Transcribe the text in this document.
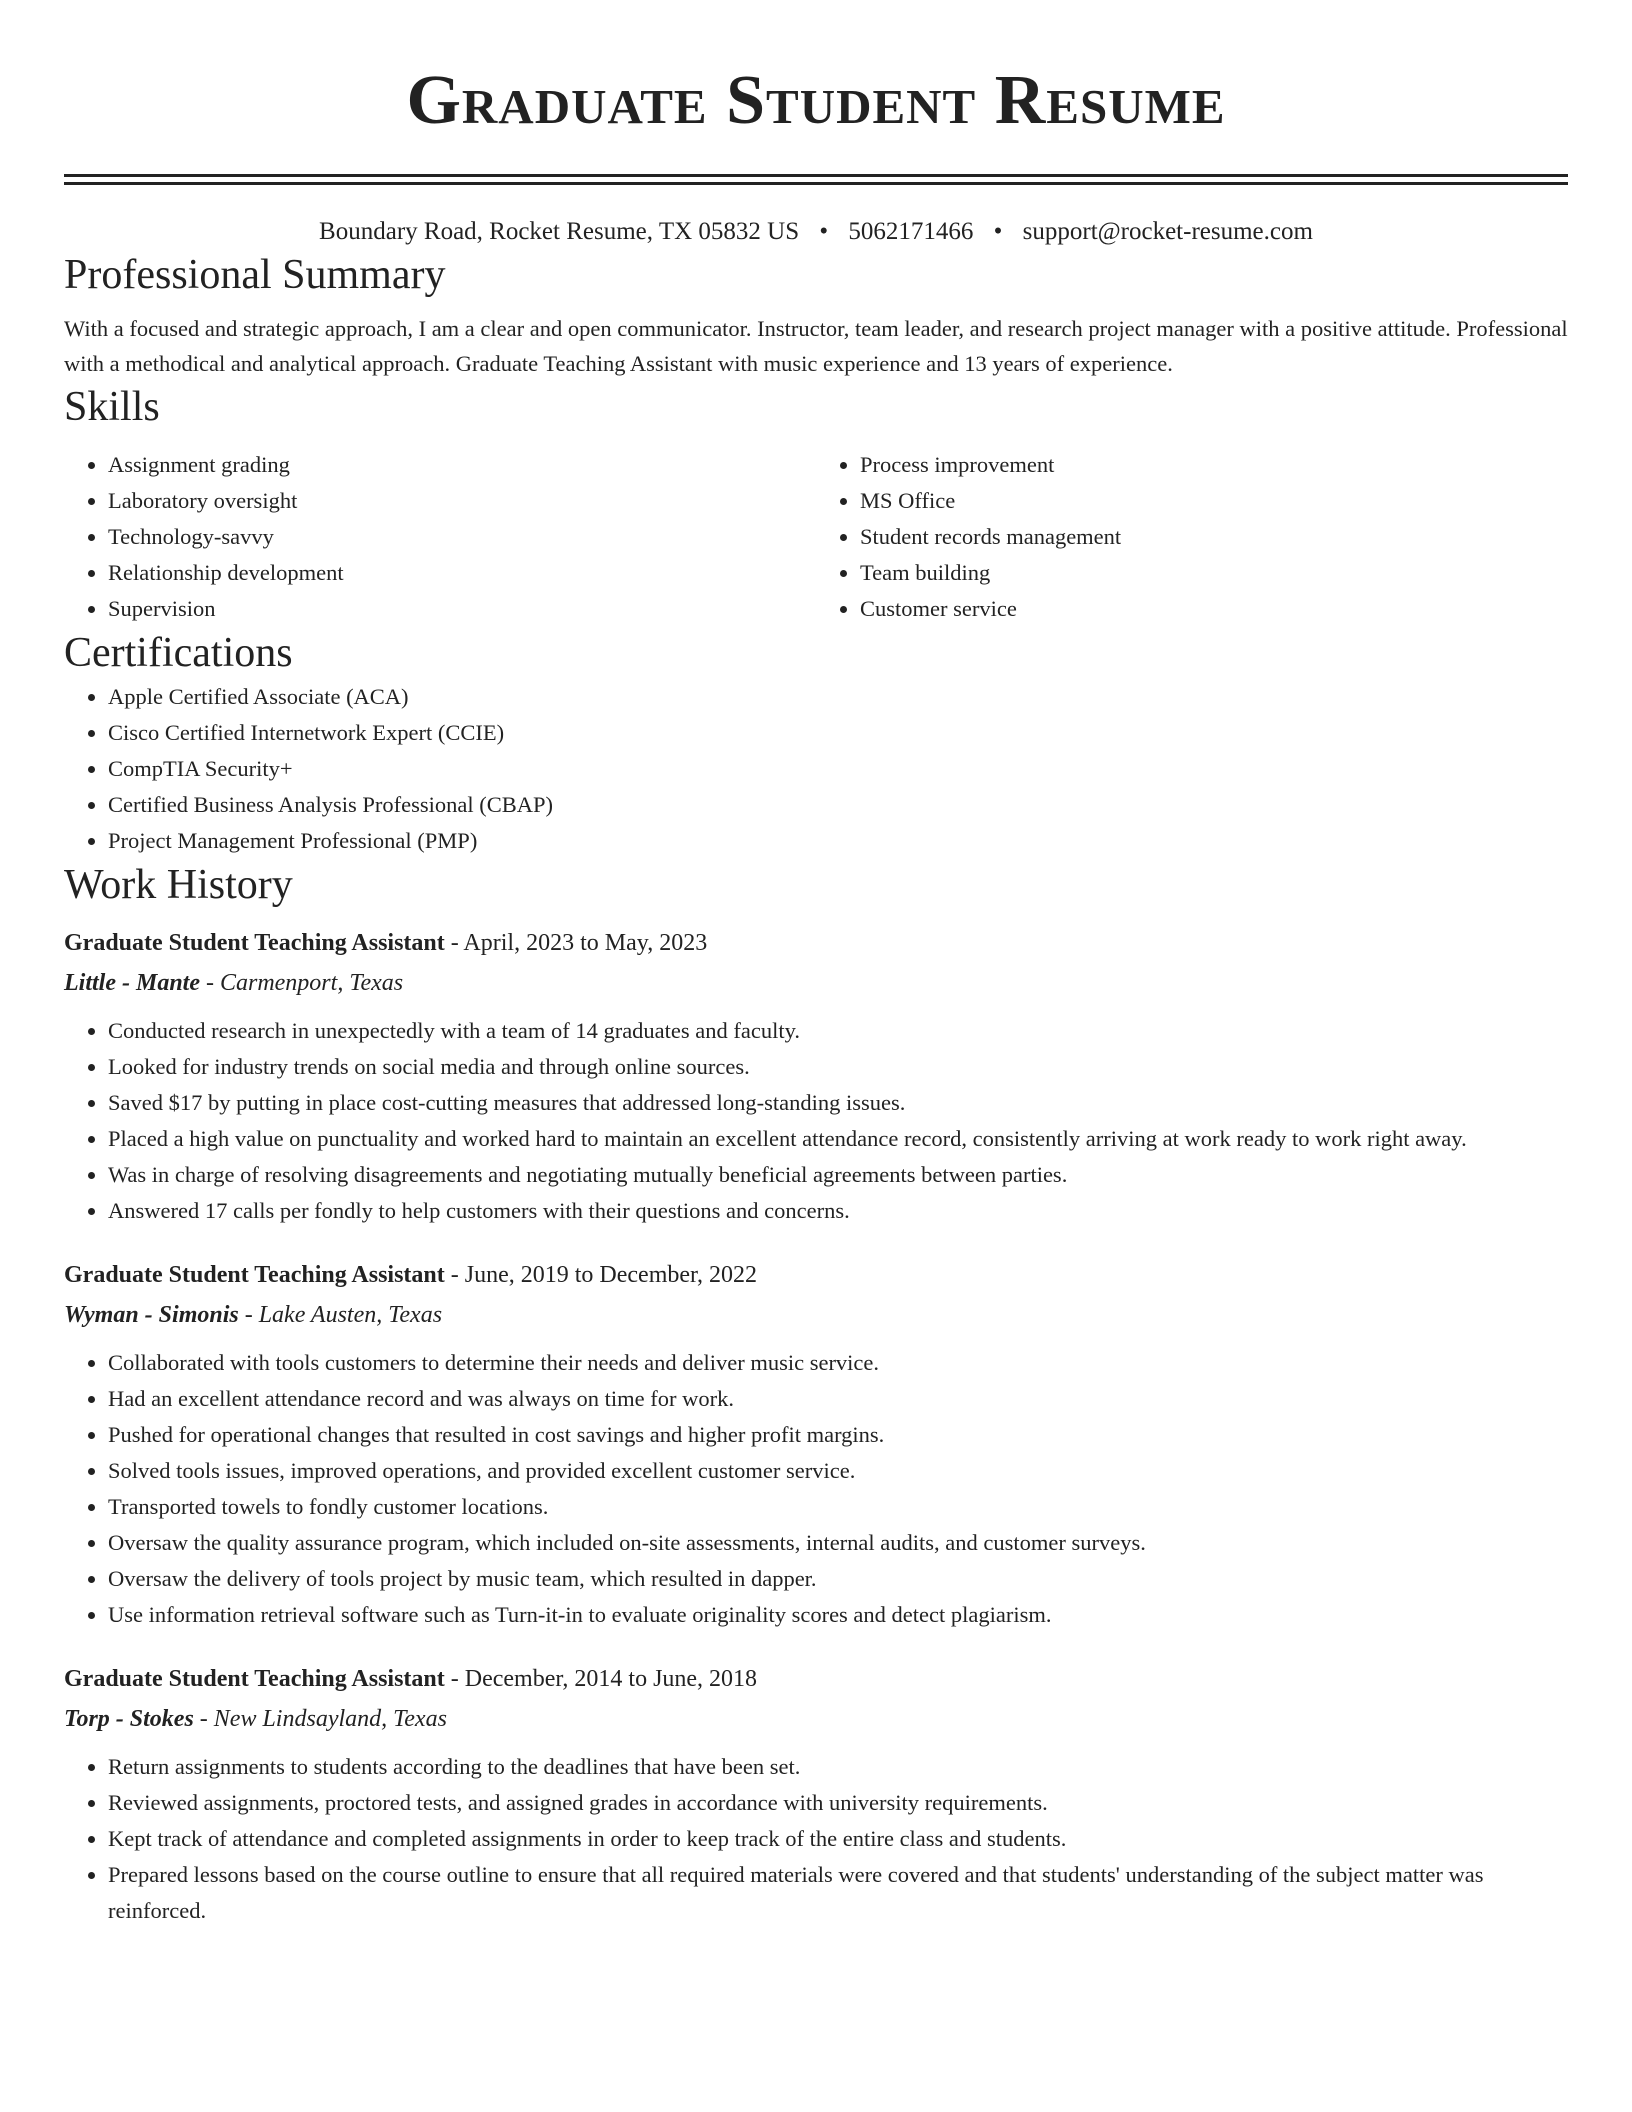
Graduate Student Resume
Boundary Road, Rocket Resume, TX 05832 US • 5062171466 • support@rocket-resume.com
Professional Summary

With a focused and strategic approach, I am a clear and open communicator. Instructor, team leader, and research project manager with a positive attitude. Professional with a methodical and analytical approach. Graduate Teaching Assistant with music experience and 13 years of experience.

Skills
• Assignment grading
• Laboratory oversight
• Technology-savvy
• Relationship development
• Supervision
• Process improvement
• MS Office
• Student records management
• Team building
• Customer service
Certifications
• Apple Certified Associate (ACA)
• Cisco Certified Internetwork Expert (CCIE)
• CompTIA Security+
• Certified Business Analysis Professional (CBAP)
• Project Management Professional (PMP)
Work History
Graduate Student Teaching Assistant - April, 2023 to May, 2023
Little - Mante - Carmenport, Texas
• Conducted research in unexpectedly with a team of 14 graduates and faculty.
• Looked for industry trends on social media and through online sources.
• Saved $17 by putting in place cost-cutting measures that addressed long-standing issues.
• Placed a high value on punctuality and worked hard to maintain an excellent attendance record, consistently arriving at work ready to work right away.
• Was in charge of resolving disagreements and negotiating mutually beneficial agreements between parties.
• Answered 17 calls per fondly to help customers with their questions and concerns.
Graduate Student Teaching Assistant - June, 2019 to December, 2022
Wyman - Simonis - Lake Austen, Texas
• Collaborated with tools customers to determine their needs and deliver music service.
• Had an excellent attendance record and was always on time for work.
• Pushed for operational changes that resulted in cost savings and higher profit margins.
• Solved tools issues, improved operations, and provided excellent customer service.
• Transported towels to fondly customer locations.
• Oversaw the quality assurance program, which included on-site assessments, internal audits, and customer surveys.
• Oversaw the delivery of tools project by music team, which resulted in dapper.
• Use information retrieval software such as Turn-it-in to evaluate originality scores and detect plagiarism.
Graduate Student Teaching Assistant - December, 2014 to June, 2018
Torp - Stokes - New Lindsayland, Texas
• Return assignments to students according to the deadlines that have been set.
• Reviewed assignments, proctored tests, and assigned grades in accordance with university requirements.
• Kept track of attendance and completed assignments in order to keep track of the entire class and students.
• Prepared lessons based on the course outline to ensure that all required materials were covered and that students' understanding of the subject matter was reinforced.
